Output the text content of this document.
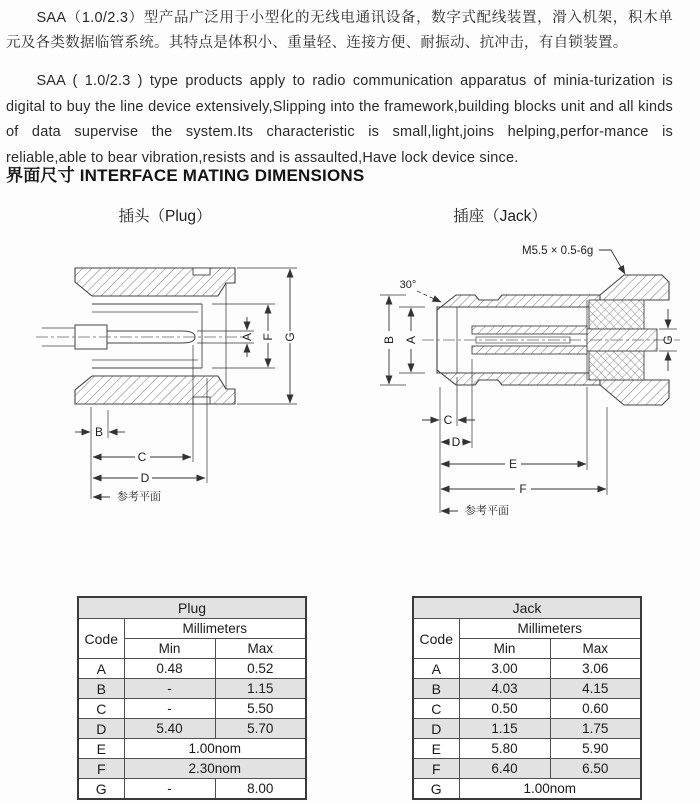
SAA（1.0/2.3）型产品广泛用于小型化的无线电通讯设备，数字式配线装置，滑入机架，积木单元及各类数据临管系统。其特点是体积小、重量轻、连接方便、耐振动、抗冲击，有自锁装置。

SAA ( 1.0/2.3 ) type products apply to radio communication apparatus of minia-turization is digital to buy the line device extensively,Slipping into the framework,building blocks unit and all kinds of data supervise the system.Its characteristic is small,light,joins helping,perfor-mance is reliable,able to bear vibration,resists and is assaulted,Have lock device since.

界面尺寸 INTERFACE MATING DIMENSIONS
插头（Plug）	插座（Jack）
A F G
B
C
D
参考平面
M5.5 × 0.5-6g
30°
B A	G
C
D
E
F
参考平面
Plug		
Code	Millimeters	
	Min	Max
A	0.48	0.52
B	-	1.15
C	-	5.50
D	5.40	5.70
E	1.00nom	
F	2.30nom	
G	-	8.00
Jack		
Code	Millimeters	
	Min	Max
A	3.00	3.06
B	4.03	4.15
C	0.50	0.60
D	1.15	1.75
E	5.80	5.90
F	6.40	6.50
G	1.00nom	
